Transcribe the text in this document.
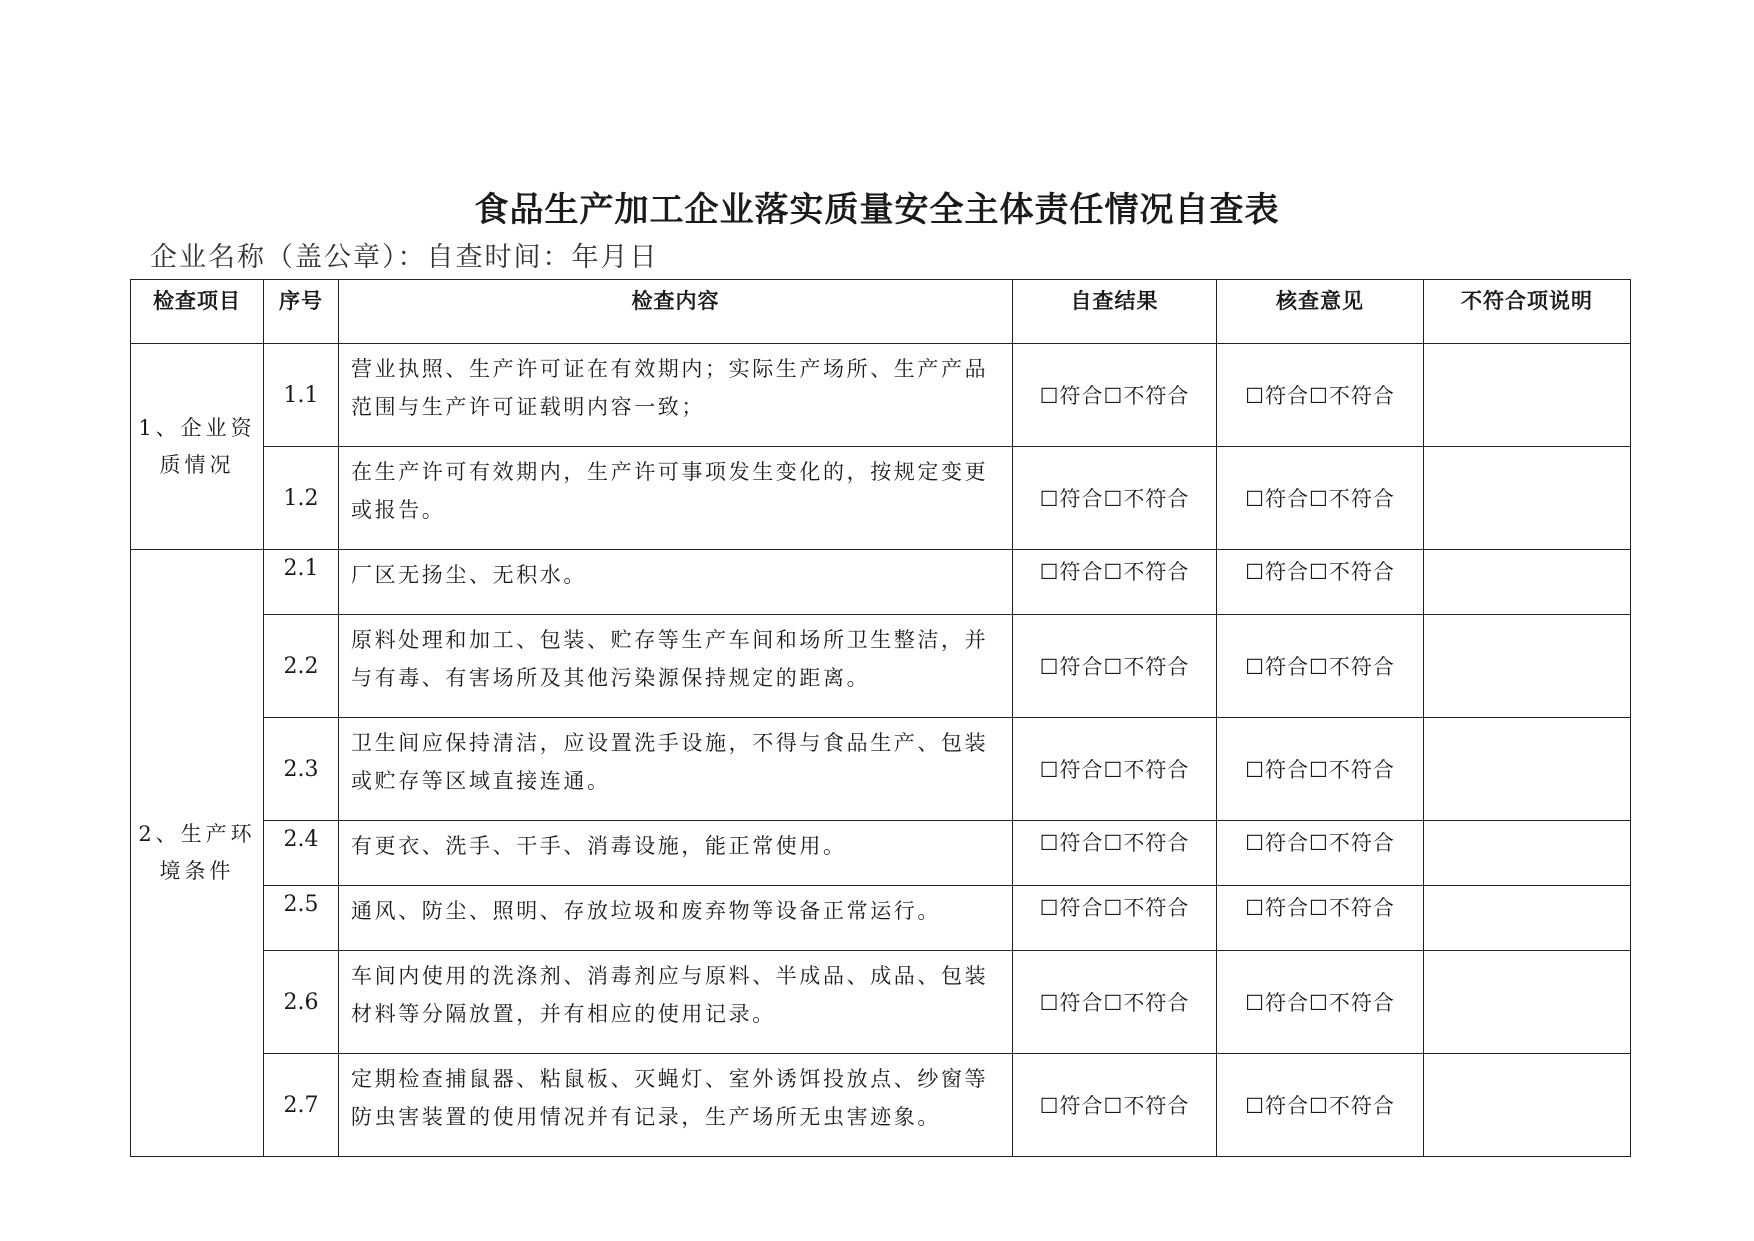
食品生产加工企业落实质量安全主体责任情况自查表
企业名称（盖公章）：自查时间：年月日
检查项目	序号	检查内容	自查结果	核查意见	不符合项说明
1、企业资质情况	1.1	营业执照、生产许可证在有效期内；实际生产场所、生产产品范围与生产许可证载明内容一致；	☐符合☐不符合	☐符合☐不符合	
	1.2	在生产许可有效期内，生产许可事项发生变化的，按规定变更或报告。	☐符合☐不符合	☐符合☐不符合	
2、生产环境条件	2.1	厂区无扬尘、无积水。	☐符合☐不符合	☐符合☐不符合	
	2.2	原料处理和加工、包装、贮存等生产车间和场所卫生整洁，并与有毒、有害场所及其他污染源保持规定的距离。	☐符合☐不符合	☐符合☐不符合	
	2.3	卫生间应保持清洁，应设置洗手设施，不得与食品生产、包装或贮存等区域直接连通。	☐符合☐不符合	☐符合☐不符合	
	2.4	有更衣、洗手、干手、消毒设施，能正常使用。	☐符合☐不符合	☐符合☐不符合	
	2.5	通风、防尘、照明、存放垃圾和废弃物等设备正常运行。	☐符合☐不符合	☐符合☐不符合	
	2.6	车间内使用的洗涤剂、消毒剂应与原料、半成品、成品、包装材料等分隔放置，并有相应的使用记录。	☐符合☐不符合	☐符合☐不符合	
	2.7	定期检查捕鼠器、粘鼠板、灭蝇灯、室外诱饵投放点、纱窗等防虫害装置的使用情况并有记录，生产场所无虫害迹象。	☐符合☐不符合	☐符合☐不符合	
